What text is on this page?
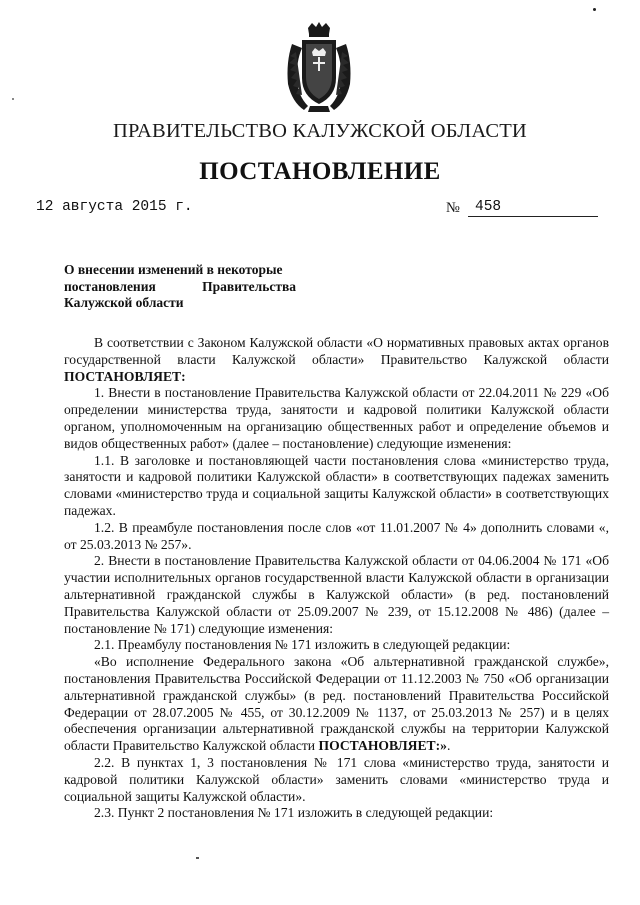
ПРАВИТЕЛЬСТВО КАЛУЖСКОЙ ОБЛАСТИ
ПОСТАНОВЛЕНИЕ
12 августа 2015 г.	№ 458
О внесении изменений в некоторые
постановления Правительства
Калужской области

В соответствии с Законом Калужской области «О нормативных правовых актах органов государственной власти Калужской области» Правительство Калужской области ПОСТАНОВЛЯЕТ:

1. Внести в постановление Правительства Калужской области от 22.04.2011 № 229 «Об определении министерства труда, занятости и кадровой политики Калужской области органом, уполномоченным на организацию общественных работ и определение объемов и видов общественных работ» (далее – постановление) следующие изменения:

1.1. В заголовке и постановляющей части постановления слова «министерство труда, занятости и кадровой политики Калужской области» в соответствующих падежах заменить словами «министерство труда и социальной защиты Калужской области» в соответствующих падежах.

1.2. В преамбуле постановления после слов «от 11.01.2007 № 4» дополнить словами «, от 25.03.2013 № 257».

2. Внести в постановление Правительства Калужской области от 04.06.2004 № 171 «Об участии исполнительных органов государственной власти Калужской области в организации альтернативной гражданской службы в Калужской области» (в ред. постановлений Правительства Калужской области от 25.09.2007 № 239, от 15.12.2008 № 486) (далее – постановление № 171) следующие изменения:

2.1. Преамбулу постановления № 171 изложить в следующей редакции:

«Во исполнение Федерального закона «Об альтернативной гражданской службе», постановления Правительства Российской Федерации от 11.12.2003 № 750 «Об организации альтернативной гражданской службы» (в ред. постановлений Правительства Российской Федерации от 28.07.2005 № 455, от 30.12.2009 № 1137, от 25.03.2013 № 257) и в целях обеспечения организации альтернативной гражданской службы на территории Калужской области Правительство Калужской области ПОСТАНОВЛЯЕТ:».

2.2. В пунктах 1, 3 постановления № 171 слова «министерство труда, занятости и кадровой политики Калужской области» заменить словами «министерство труда и социальной защиты Калужской области».

2.3. Пункт 2 постановления № 171 изложить в следующей редакции:
